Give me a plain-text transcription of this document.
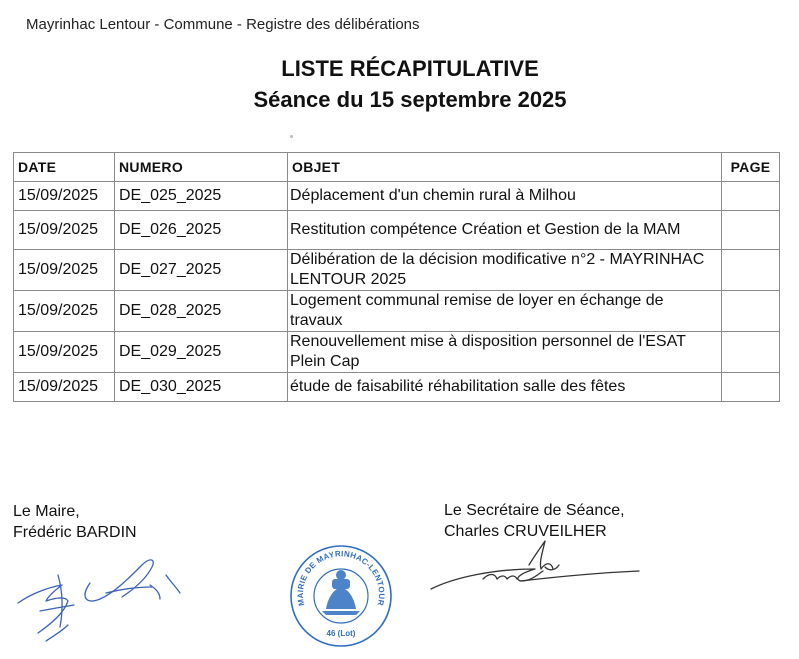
Mayrinhac Lentour - Commune - Registre des délibérations
LISTE RÉCAPITULATIVE
Séance du 15 septembre 2025
DATE	NUMERO	OBJET	PAGE
15/09/2025	DE_025_2025	Déplacement d'un chemin rural à Milhou	
15/09/2025	DE_026_2025	Restitution compétence Création et Gestion de la MAM	
15/09/2025	DE_027_2025	Délibération de la décision modificative n°2 - MAYRINHAC LENTOUR 2025	
15/09/2025	DE_028_2025	Logement communal remise de loyer en échange de travaux	
15/09/2025	DE_029_2025	Renouvellement mise à disposition personnel de l'ESAT Plein Cap	
15/09/2025	DE_030_2025	étude de faisabilité réhabilitation salle des fêtes	
Le Maire,
Frédéric BARDIN
Le Secrétaire de Séance,
Charles CRUVEILHER
MAIRIE DE MAYRINHAC-LENTOUR
46 (Lot)
